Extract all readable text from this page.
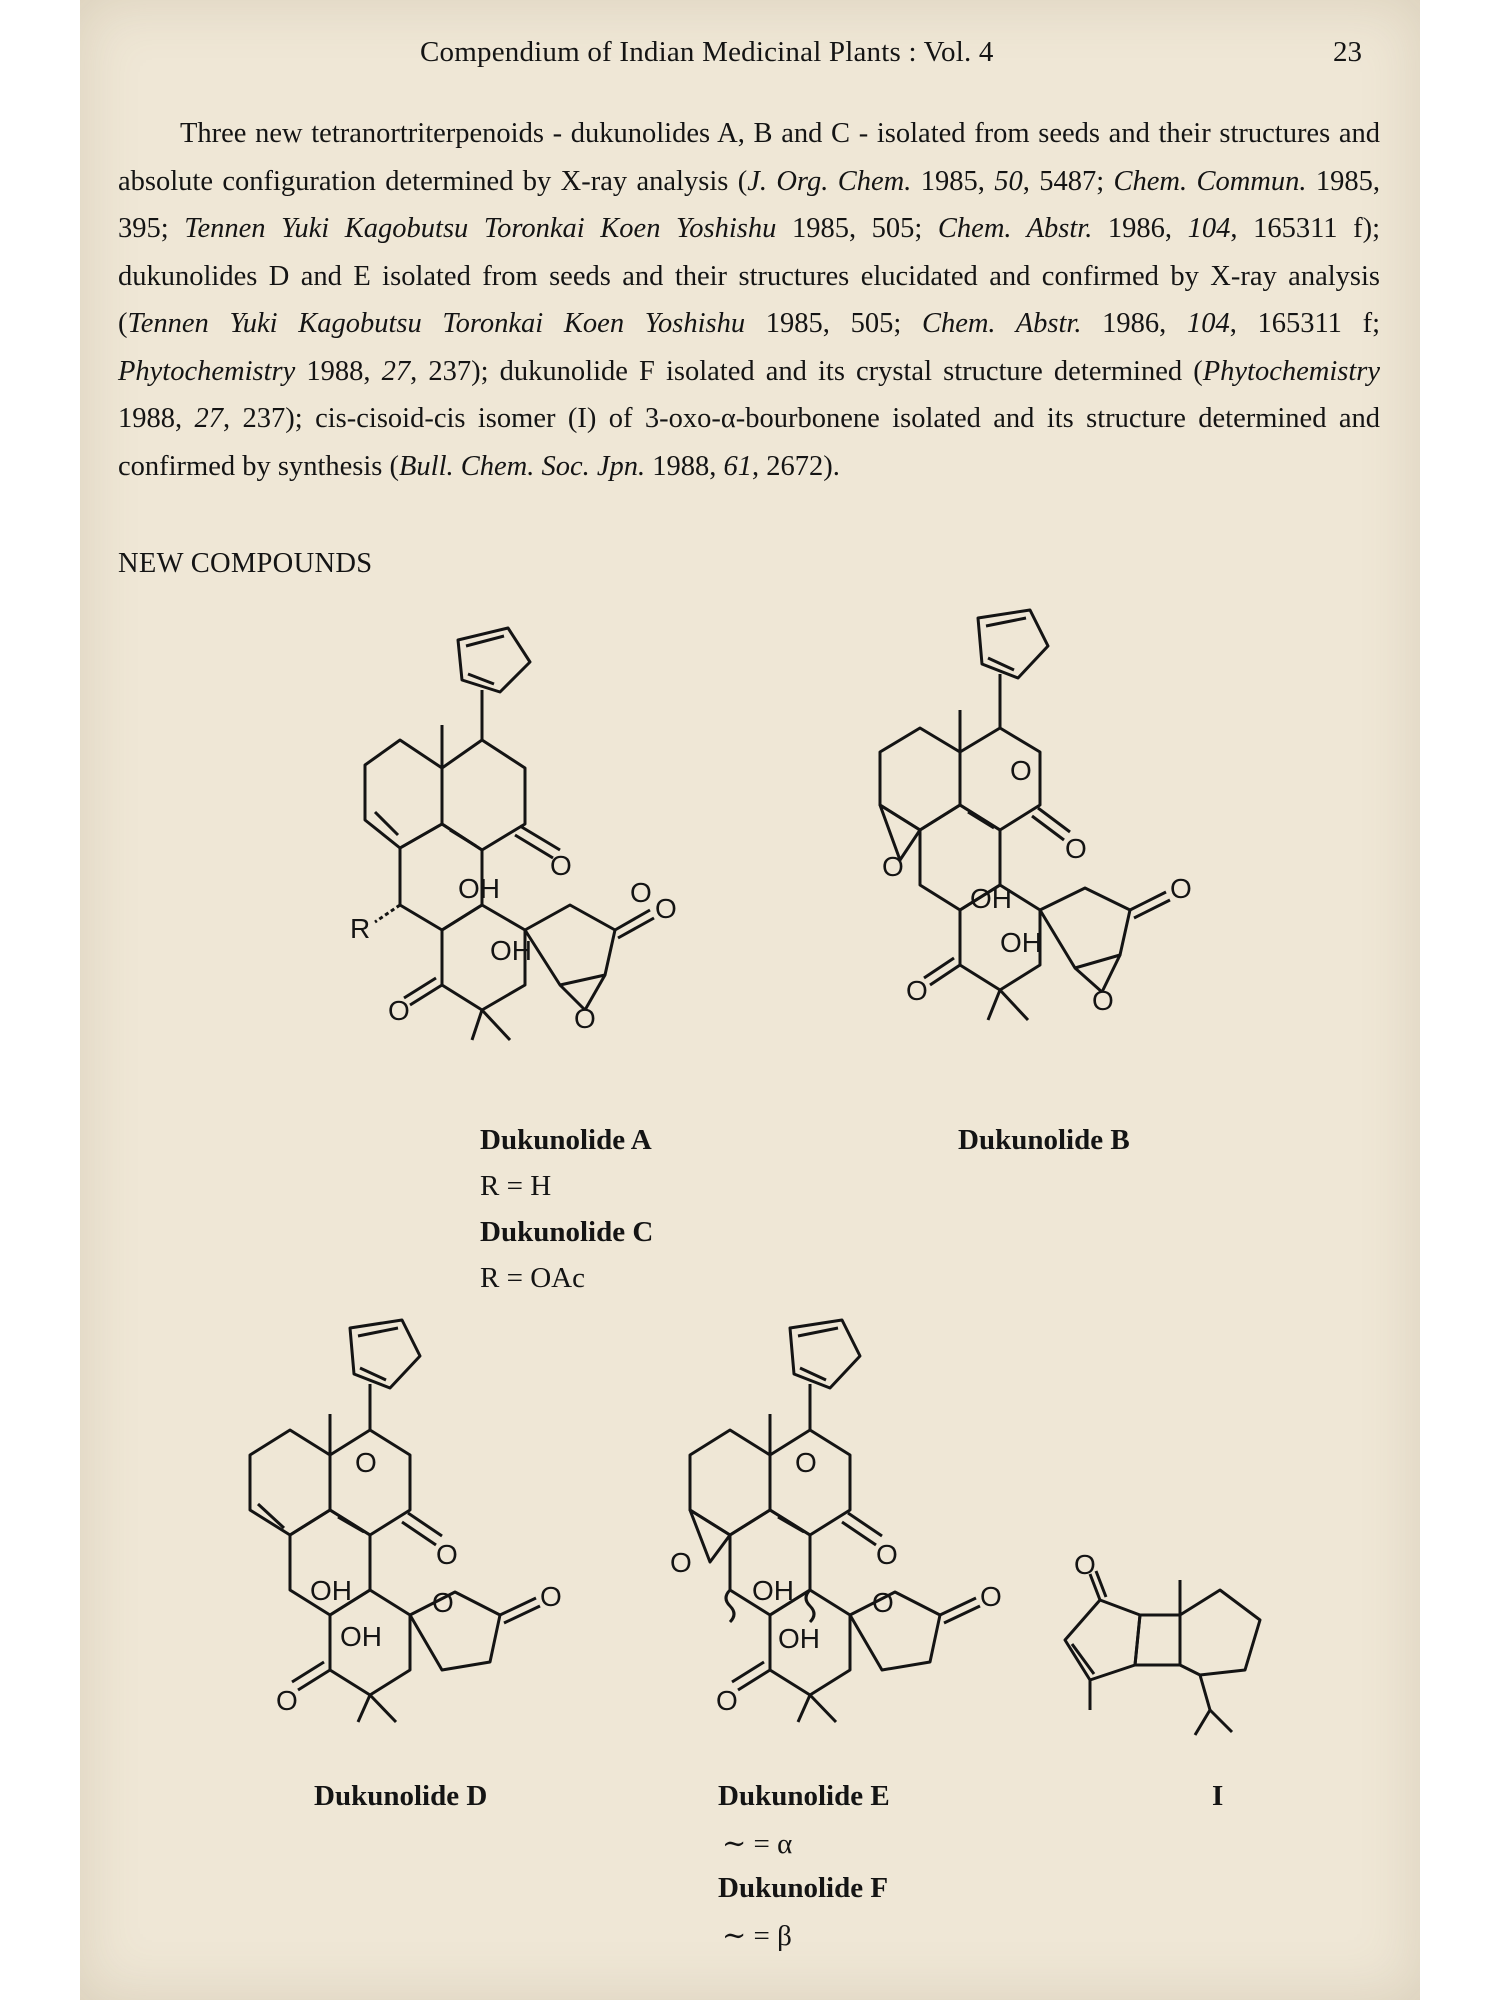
Compendium of Indian Medicinal Plants : Vol. 4	23

Three new tetranortriterpenoids - dukunolides A, B and C - isolated from seeds and their structures and absolute configuration determined by X-ray analysis (J. Org. Chem. 1985, 50, 5487; Chem. Commun. 1985, 395; Tennen Yuki Kagobutsu Toronkai Koen Yoshishu 1985, 505; Chem. Abstr. 1986, 104, 165311 f); dukunolides D and E isolated from seeds and their structures elucidated and confirmed by X-ray analysis (Tennen Yuki Kagobutsu Toronkai Koen Yoshishu 1985, 505; Chem. Abstr. 1986, 104, 165311 f; Phytochemistry 1988, 27, 237); dukunolide F isolated and its crystal structure determined (Phytochemistry 1988, 27, 237); cis-cisoid-cis isomer (I) of 3-oxo-α-bourbonene isolated and its structure determined and confirmed by synthesis (Bull. Chem. Soc. Jpn. 1988, 61, 2672).

NEW COMPOUNDS
O
O
O
O	O
OH
OH
R
Dukunolide A
R = H
Dukunolide C
R = OAc
O
O
O
O
O	O
OH
OH
Dukunolide B
O
O
O	O
O
OH
OH
Dukunolide D
O
O
O	O
O
O
OH
OH
Dukunolide E
∼ = α
Dukunolide F
∼ = β
O
I
